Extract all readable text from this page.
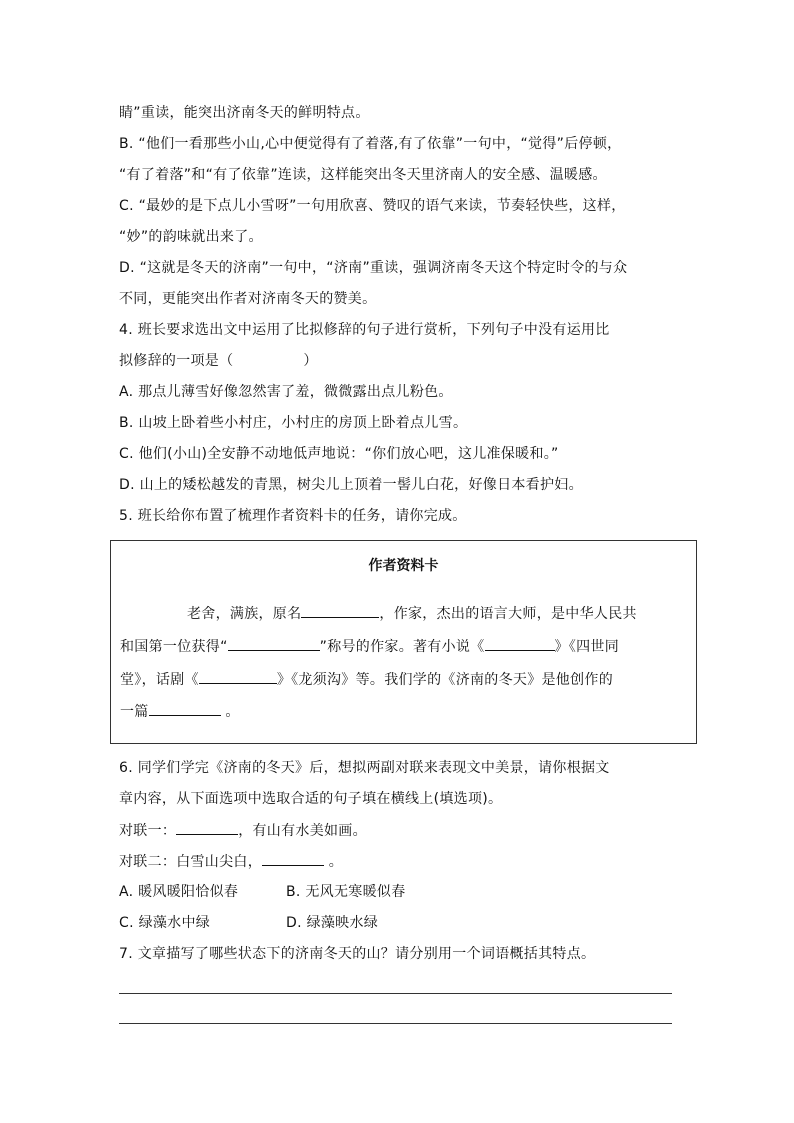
睛”重读，能突出济南冬天的鲜明特点。
B. “他们一看那些小山,心中便觉得有了着落,有了依靠”一句中，“觉得”后停顿，
“有了着落”和“有了依靠”连读，这样能突出冬天里济南人的安全感、温暖感。
C. “最妙的是下点儿小雪呀”一句用欣喜、赞叹的语气来读，节奏轻快些，这样，
“妙”的韵味就出来了。
D. “这就是冬天的济南”一句中，“济南”重读，强调济南冬天这个特定时令的与众
不同，更能突出作者对济南冬天的赞美。
4. 班长要求选出文中运用了比拟修辞的句子进行赏析，下列句子中没有运用比
拟修辞的一项是（	）
A. 那点儿薄雪好像忽然害了羞，微微露出点儿粉色。
B. 山坡上卧着些小村庄，小村庄的房顶上卧着点儿雪。
C. 他们(小山)全安静不动地低声地说：“你们放心吧，这儿准保暖和。”
D. 山上的矮松越发的青黑，树尖儿上顶着一髻儿白花，好像日本看护妇。
5. 班长给你布置了梳理作者资料卡的任务，请你完成。
作者资料卡
老舍，满族，原名	，作家，杰出的语言大师，是中华人民共
和国第一位获得“	”称号的作家。著有小说《	》《四世同
堂》，话剧《	》《龙须沟》等。我们学的《济南的冬天》是他创作的
一篇	。
6. 同学们学完《济南的冬天》后，想拟两副对联来表现文中美景，请你根据文
章内容，从下面选项中选取合适的句子填在横线上(填选项)。
对联一：	，有山有水美如画。
对联二：白雪山尖白，	。
A. 暖风暖阳恰似春	B. 无风无寒暖似春
C. 绿藻水中绿	D. 绿藻映水绿
7. 文章描写了哪些状态下的济南冬天的山？请分别用一个词语概括其特点。
